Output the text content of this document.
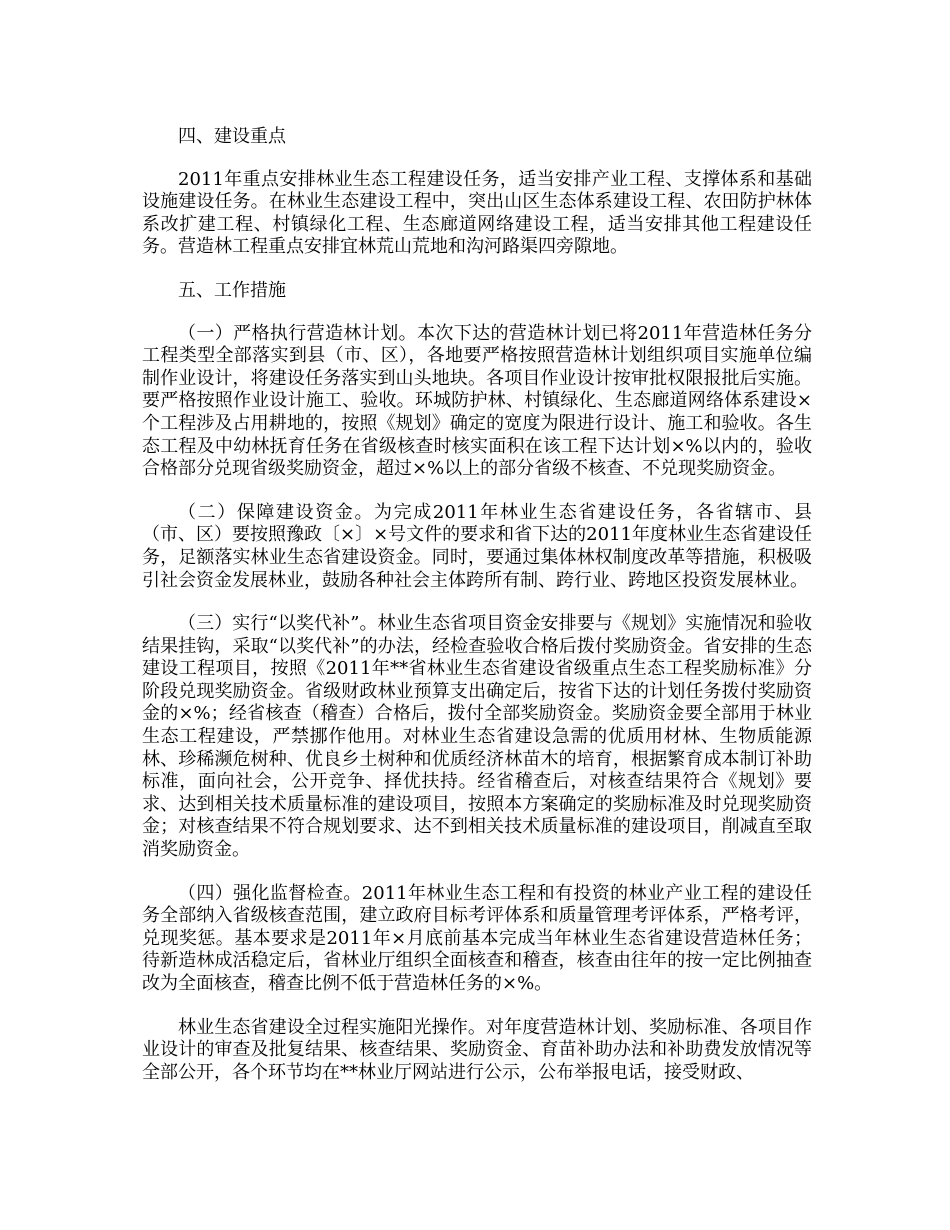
四、建设重点

2011年重点安排林业生态工程建设任务，适当安排产业工程、支撑体系和基础设施建设任务。在林业生态建设工程中，突出山区生态体系建设工程、农田防护林体系改扩建工程、村镇绿化工程、生态廊道网络建设工程，适当安排其他工程建设任务。营造林工程重点安排宜林荒山荒地和沟河路渠四旁隙地。

五、工作措施

（一）严格执行营造林计划。本次下达的营造林计划已将2011年营造林任务分工程类型全部落实到县（市、区），各地要严格按照营造林计划组织项目实施单位编制作业设计，将建设任务落实到山头地块。各项目作业设计按审批权限报批后实施。要严格按照作业设计施工、验收。环城防护林、村镇绿化、生态廊道网络体系建设×个工程涉及占用耕地的，按照《规划》确定的宽度为限进行设计、施工和验收。各生态工程及中幼林抚育任务在省级核查时核实面积在该工程下达计划×%以内的，验收合格部分兑现省级奖励资金，超过×%以上的部分省级不核查、不兑现奖励资金。

（二）保障建设资金。为完成2011年林业生态省建设任务，各省辖市、县（市、区）要按照豫政〔×〕×号文件的要求和省下达的2011年度林业生态省建设任务，足额落实林业生态省建设资金。同时，要通过集体林权制度改革等措施，积极吸引社会资金发展林业，鼓励各种社会主体跨所有制、跨行业、跨地区投资发展林业。

（三）实行“以奖代补”。林业生态省项目资金安排要与《规划》实施情况和验收结果挂钩，采取“以奖代补”的办法，经检查验收合格后拨付奖励资金。省安排的生态建设工程项目，按照《2011年**省林业生态省建设省级重点生态工程奖励标准》分阶段兑现奖励资金。省级财政林业预算支出确定后，按省下达的计划任务拨付奖励资金的×%；经省核查（稽查）合格后，拨付全部奖励资金。奖励资金要全部用于林业生态工程建设，严禁挪作他用。对林业生态省建设急需的优质用材林、生物质能源林、珍稀濒危树种、优良乡土树种和优质经济林苗木的培育，根据繁育成本制订补助标准，面向社会，公开竞争、择优扶持。经省稽查后，对核查结果符合《规划》要求、达到相关技术质量标准的建设项目，按照本方案确定的奖励标准及时兑现奖励资金；对核查结果不符合规划要求、达不到相关技术质量标准的建设项目，削减直至取消奖励资金。

（四）强化监督检查。2011年林业生态工程和有投资的林业产业工程的建设任务全部纳入省级核查范围，建立政府目标考评体系和质量管理考评体系，严格考评，兑现奖惩。基本要求是2011年×月底前基本完成当年林业生态省建设营造林任务；待新造林成活稳定后，省林业厅组织全面核查和稽查，核查由往年的按一定比例抽查改为全面核查，稽查比例不低于营造林任务的×%。

林业生态省建设全过程实施阳光操作。对年度营造林计划、奖励标准、各项目作业设计的审查及批复结果、核查结果、奖励资金、育苗补助办法和补助费发放情况等全部公开，各个环节均在**林业厅网站进行公示，公布举报电话，接受财政、
